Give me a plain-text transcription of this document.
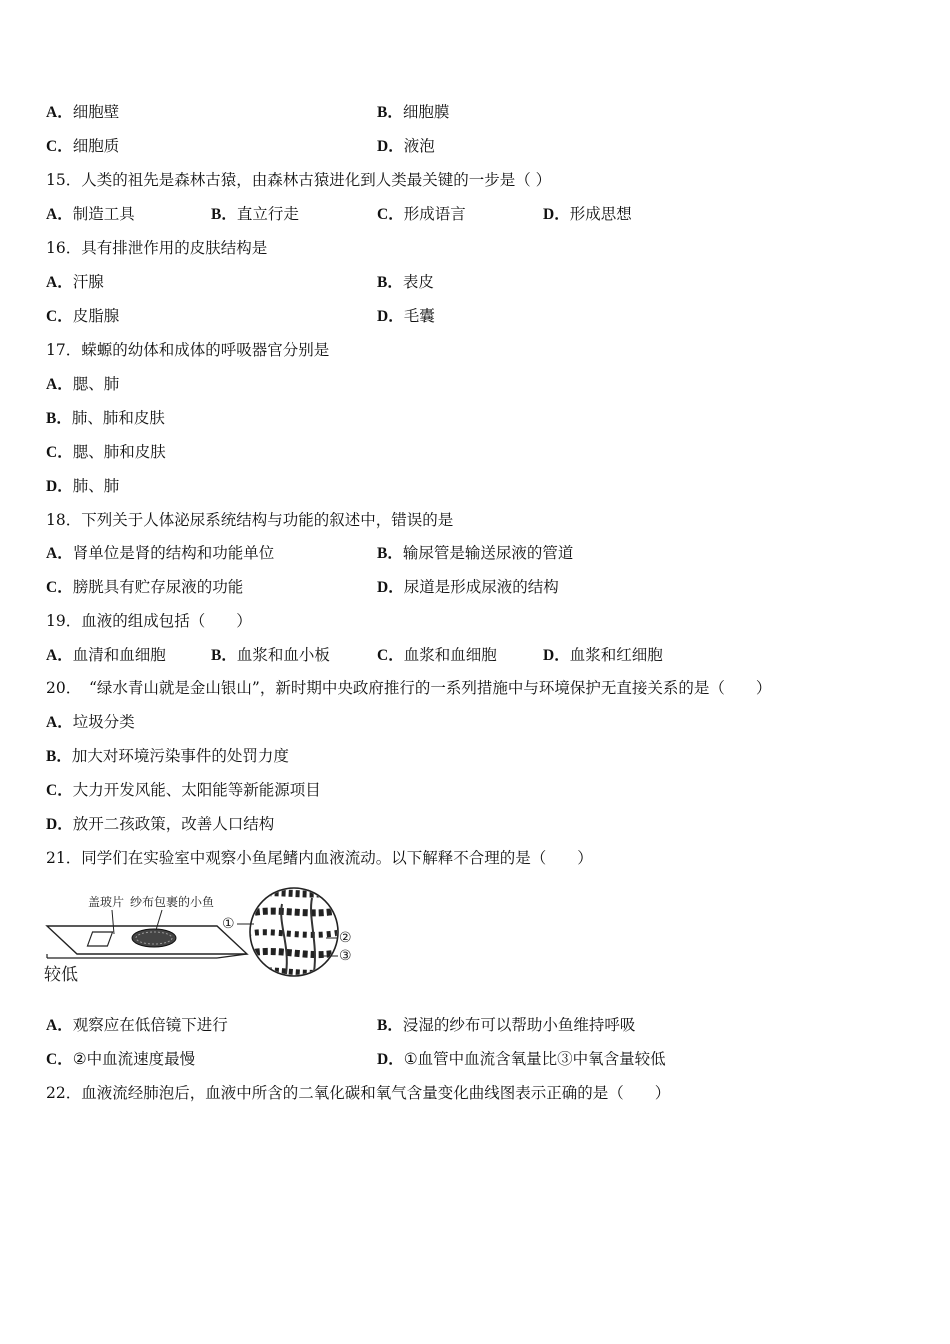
A．细胞壁	B．细胞膜
C．细胞质	D．液泡
15．人类的祖先是森林古猿，由森林古猿进化到人类最关键的一步是（ ）
A．制造工具	B．直立行走	C．形成语言	D．形成思想
16．具有排泄作用的皮肤结构是
A．汗腺	B．表皮
C．皮脂腺	D．毛囊
17．蝾螈的幼体和成体的呼吸器官分别是
A．腮、肺
B．肺、肺和皮肤
C．腮、肺和皮肤
D．肺、肺
18．下列关于人体泌尿系统结构与功能的叙述中，错误的是
A．肾单位是肾的结构和功能单位	B．输尿管是输送尿液的管道
C．膀胱具有贮存尿液的功能	D．尿道是形成尿液的结构
19．血液的组成包括（　　）
A．血清和血细胞	B．血浆和血小板	C．血浆和血细胞	D．血浆和红细胞
20．　“绿水青山就是金山银山”，新时期中央政府推行的一系列措施中与环境保护无直接关系的是（　　）
A．垃圾分类
B．加大对环境污染事件的处罚力度
C．大力开发风能、太阳能等新能源项目
D．放开二孩政策，改善人口结构
21．同学们在实验室中观察小鱼尾鳍内血液流动。以下解释不合理的是（　　）
盖玻片 纱布包裹的小鱼
较低
①
②
③
A．观察应在低倍镜下进行	B．浸湿的纱布可以帮助小鱼维持呼吸
C．②中血流速度最慢	D．①血管中血流含氧量比③中氧含量较低
22．血液流经肺泡后，血液中所含的二氧化碳和氧气含量变化曲线图表示正确的是（　　）
